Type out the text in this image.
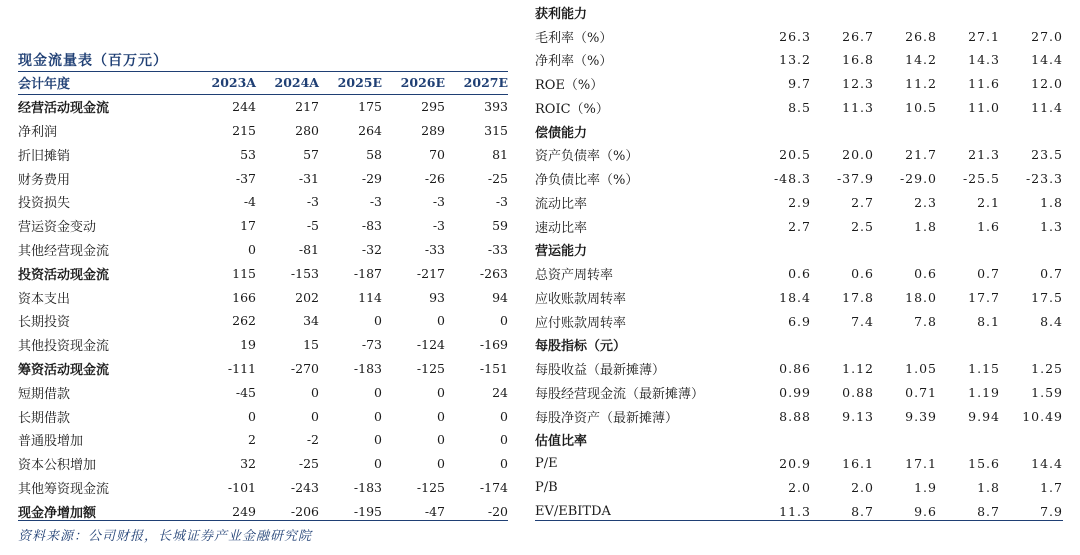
现金流量表（百万元）
会计年度	2023A	2024A	2025E	2026E	2027E
经营活动现金流	244	217	175	295	393
净利润	215	280	264	289	315
折旧摊销	53	57	58	70	81
财务费用	-37	-31	-29	-26	-25
投资损失	-4	-3	-3	-3	-3
营运资金变动	17	-5	-83	-3	59
其他经营现金流	0	-81	-32	-33	-33
投资活动现金流	115	-153	-187	-217	-263
资本支出	166	202	114	93	94
长期投资	262	34	0	0	0
其他投资现金流	19	15	-73	-124	-169
筹资活动现金流	-111	-270	-183	-125	-151
短期借款	-45	0	0	0	24
长期借款	0	0	0	0	0
普通股增加	2	-2	0	0	0
资本公积增加	32	-25	0	0	0
其他筹资现金流	-101	-243	-183	-125	-174
现金净增加额	249	-206	-195	-47	-20
获利能力
毛利率（%）	26.3	26.7	26.8	27.1	27.0
净利率（%）	13.2	16.8	14.2	14.3	14.4
ROE（%）	9.7	12.3	11.2	11.6	12.0
ROIC（%）	8.5	11.3	10.5	11.0	11.4
偿债能力
资产负债率（%）	20.5	20.0	21.7	21.3	23.5
净负债比率（%）	-48.3	-37.9	-29.0	-25.5	-23.3
流动比率	2.9	2.7	2.3	2.1	1.8
速动比率	2.7	2.5	1.8	1.6	1.3
营运能力
总资产周转率	0.6	0.6	0.6	0.7	0.7
应收账款周转率	18.4	17.8	18.0	17.7	17.5
应付账款周转率	6.9	7.4	7.8	8.1	8.4
每股指标（元）
每股收益（最新摊薄）	0.86	1.12	1.05	1.15	1.25
每股经营现金流（最新摊薄）	0.99	0.88	0.71	1.19	1.59
每股净资产（最新摊薄）	8.88	9.13	9.39	9.94	10.49
估值比率
P/E	20.9	16.1	17.1	15.6	14.4
P/B	2.0	2.0	1.9	1.8	1.7
EV/EBITDA	11.3	8.7	9.6	8.7	7.9
资料来源：公司财报，长城证券产业金融研究院
